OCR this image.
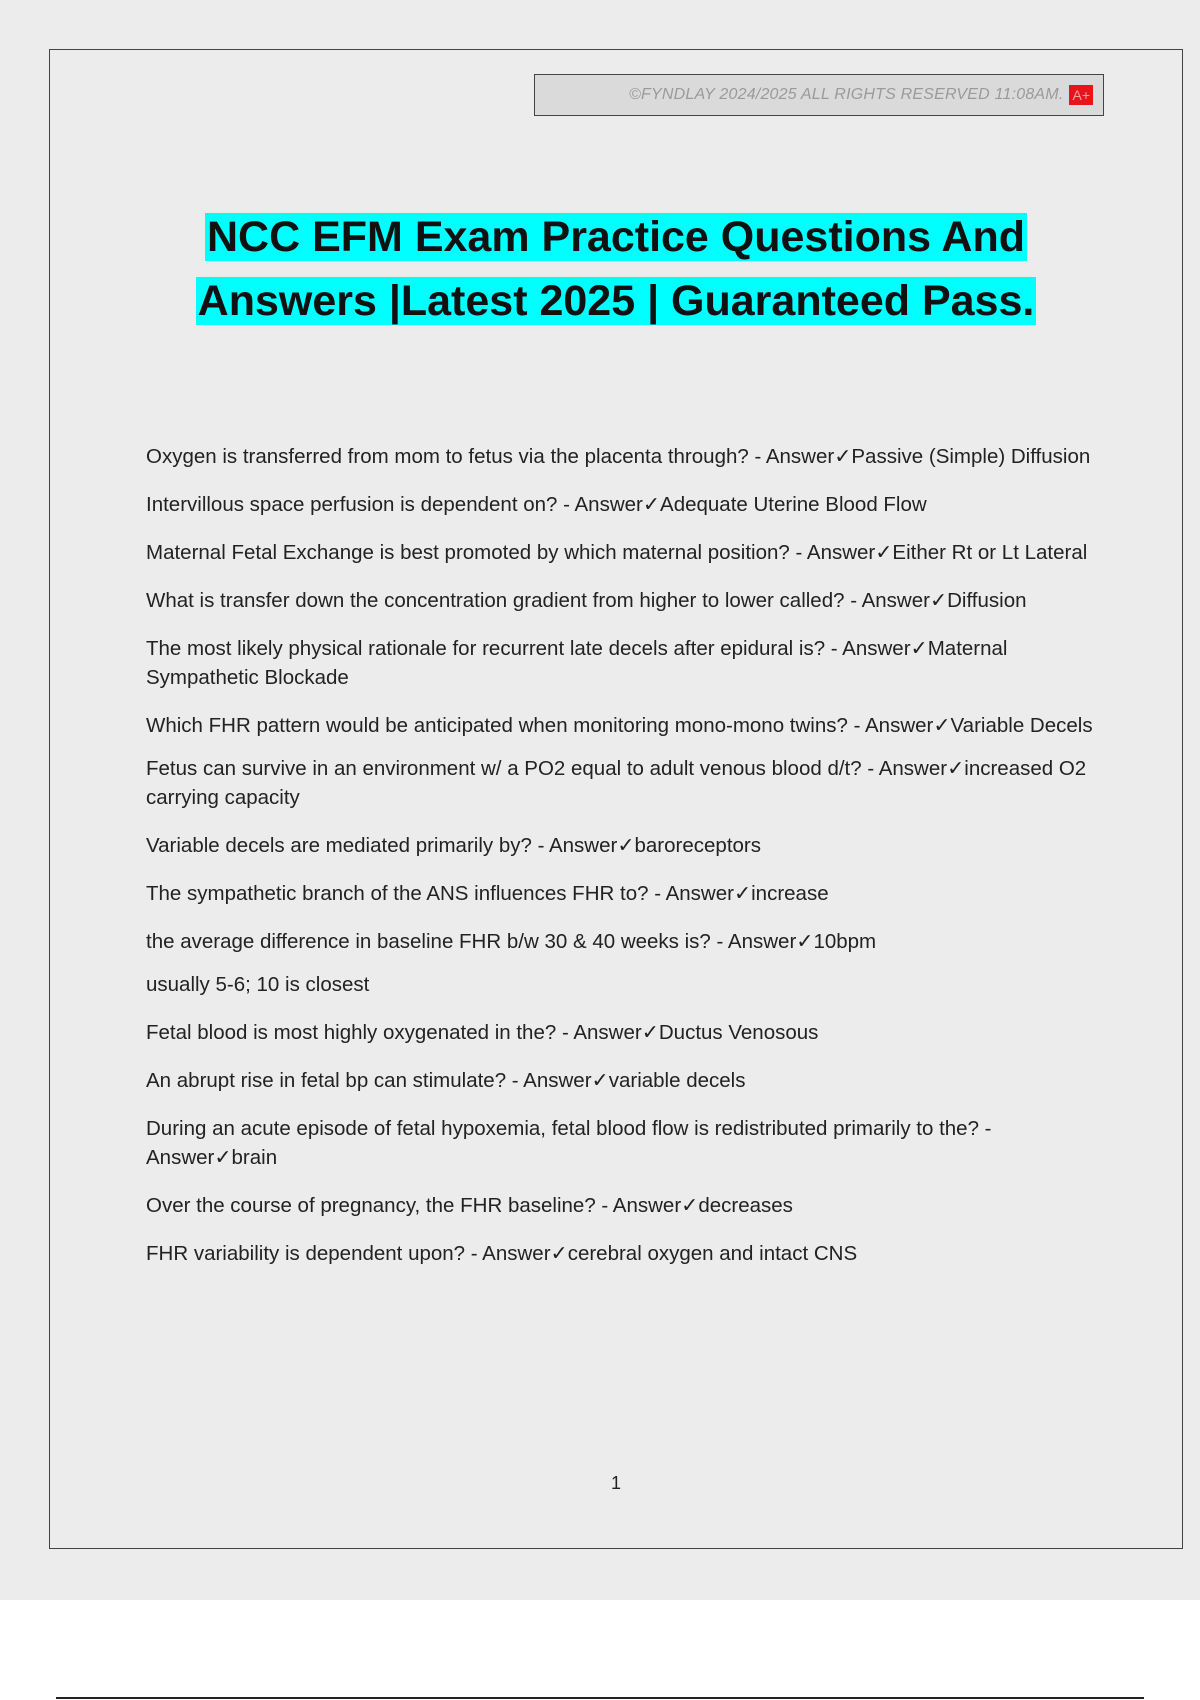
©FYNDLAY 2024/2025 ALL RIGHTS RESERVED 11:08AM. A+
NCC EFM Exam Practice Questions And
Answers |Latest 2025 | Guaranteed Pass.
Oxygen is transferred from mom to fetus via the placenta through? - Answer✓Passive (Simple) Diffusion
Intervillous space perfusion is dependent on? - Answer✓Adequate Uterine Blood Flow
Maternal Fetal Exchange is best promoted by which maternal position? - Answer✓Either Rt or Lt Lateral
What is transfer down the concentration gradient from higher to lower called? - Answer✓Diffusion
The most likely physical rationale for recurrent late decels after epidural is? - Answer✓Maternal Sympathetic Blockade
Which FHR pattern would be anticipated when monitoring mono-mono twins? - Answer✓Variable Decels
Fetus can survive in an environment w/ a PO2 equal to adult venous blood d/t? - Answer✓increased O2 carrying capacity
Variable decels are mediated primarily by? - Answer✓baroreceptors
The sympathetic branch of the ANS influences FHR to? - Answer✓increase
the average difference in baseline FHR b/w 30 & 40 weeks is? - Answer✓10bpm
usually 5-6; 10 is closest
Fetal blood is most highly oxygenated in the? - Answer✓Ductus Venosous
An abrupt rise in fetal bp can stimulate? - Answer✓variable decels
During an acute episode of fetal hypoxemia, fetal blood flow is redistributed primarily to the? - Answer✓brain
Over the course of pregnancy, the FHR baseline? - Answer✓decreases
FHR variability is dependent upon? - Answer✓cerebral oxygen and intact CNS
1
